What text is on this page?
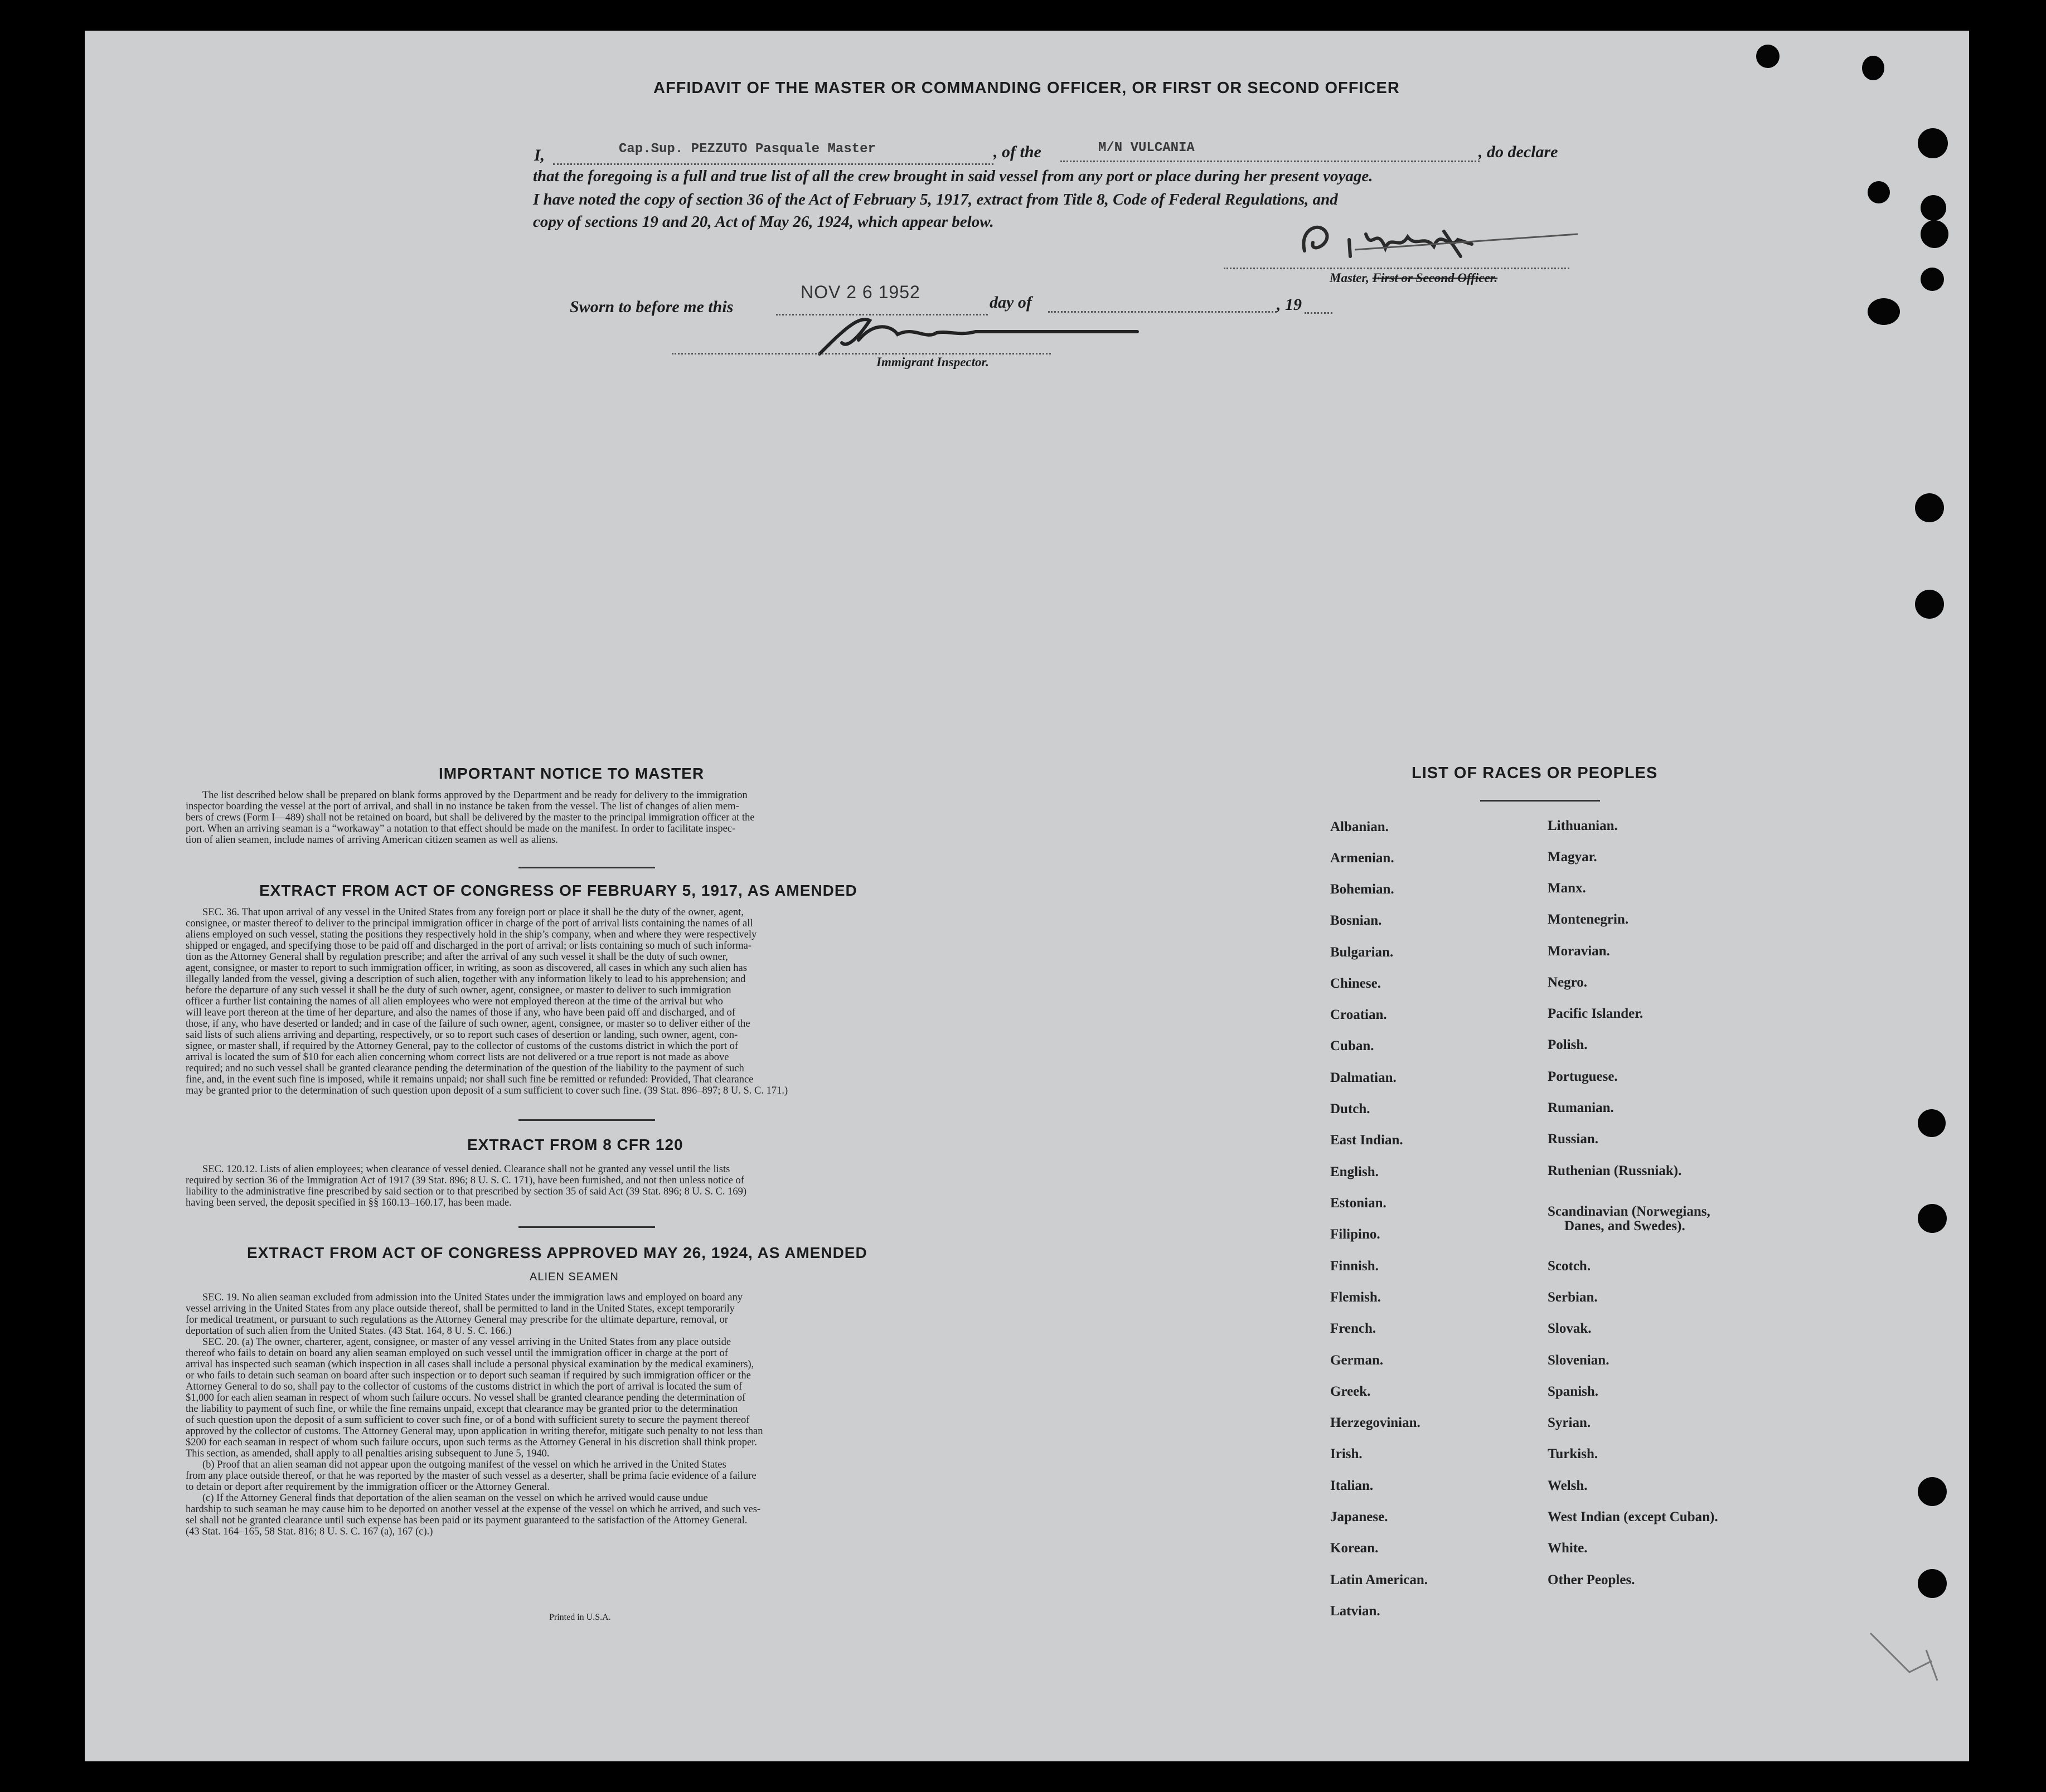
AFFIDAVIT OF THE MASTER OR COMMANDING OFFICER, OR FIRST OR SECOND OFFICER
I,	Cap.Sup. PEZZUTO Pasquale Master	, of the	M/N VULCANIA	, do declare
that the foregoing is a full and true list of all the crew brought in said vessel from any port or place during her present voyage.
I have noted the copy of section 36 of the Act of February 5, 1917, extract from Title 8, Code of Federal Regulations, and
copy of sections 19 and 20, Act of May 26, 1924, which appear below.
Master, First or Second Officer.
Sworn to before me this
NOV 2 6 1952
day of	, 19
Immigrant Inspector.
IMPORTANT NOTICE TO MASTER
The list described below shall be prepared on blank forms approved by the Department and be ready for delivery to the immigration
inspector boarding the vessel at the port of arrival, and shall in no instance be taken from the vessel. The list of changes of alien mem-
bers of crews (Form I—489) shall not be retained on board, but shall be delivered by the master to the principal immigration officer at the
port. When an arriving seaman is a “workaway” a notation to that effect should be made on the manifest. In order to facilitate inspec-
tion of alien seamen, include names of arriving American citizen seamen as well as aliens.
EXTRACT FROM ACT OF CONGRESS OF FEBRUARY 5, 1917, AS AMENDED
SEC. 36. That upon arrival of any vessel in the United States from any foreign port or place it shall be the duty of the owner, agent,
consignee, or master thereof to deliver to the principal immigration officer in charge of the port of arrival lists containing the names of all
aliens employed on such vessel, stating the positions they respectively hold in the ship’s company, when and where they were respectively
shipped or engaged, and specifying those to be paid off and discharged in the port of arrival; or lists containing so much of such informa-
tion as the Attorney General shall by regulation prescribe; and after the arrival of any such vessel it shall be the duty of such owner,
agent, consignee, or master to report to such immigration officer, in writing, as soon as discovered, all cases in which any such alien has
illegally landed from the vessel, giving a description of such alien, together with any information likely to lead to his apprehension; and
before the departure of any such vessel it shall be the duty of such owner, agent, consignee, or master to deliver to such immigration
officer a further list containing the names of all alien employees who were not employed thereon at the time of the arrival but who
will leave port thereon at the time of her departure, and also the names of those if any, who have been paid off and discharged, and of
those, if any, who have deserted or landed; and in case of the failure of such owner, agent, consignee, or master so to deliver either of the
said lists of such aliens arriving and departing, respectively, or so to report such cases of desertion or landing, such owner, agent, con-
signee, or master shall, if required by the Attorney General, pay to the collector of customs of the customs district in which the port of
arrival is located the sum of $10 for each alien concerning whom correct lists are not delivered or a true report is not made as above
required; and no such vessel shall be granted clearance pending the determination of the question of the liability to the payment of such
fine, and, in the event such fine is imposed, while it remains unpaid; nor shall such fine be remitted or refunded: Provided, That clearance
may be granted prior to the determination of such question upon deposit of a sum sufficient to cover such fine. (39 Stat. 896–897; 8 U. S. C. 171.)
EXTRACT FROM 8 CFR 120
SEC. 120.12. Lists of alien employees; when clearance of vessel denied. Clearance shall not be granted any vessel until the lists
required by section 36 of the Immigration Act of 1917 (39 Stat. 896; 8 U. S. C. 171), have been furnished, and not then unless notice of
liability to the administrative fine prescribed by said section or to that prescribed by section 35 of said Act (39 Stat. 896; 8 U. S. C. 169)
having been served, the deposit specified in §§ 160.13–160.17, has been made.
EXTRACT FROM ACT OF CONGRESS APPROVED MAY 26, 1924, AS AMENDED
ALIEN SEAMEN
SEC. 19. No alien seaman excluded from admission into the United States under the immigration laws and employed on board any
vessel arriving in the United States from any place outside thereof, shall be permitted to land in the United States, except temporarily
for medical treatment, or pursuant to such regulations as the Attorney General may prescribe for the ultimate departure, removal, or
deportation of such alien from the United States. (43 Stat. 164, 8 U. S. C. 166.)
SEC. 20. (a) The owner, charterer, agent, consignee, or master of any vessel arriving in the United States from any place outside
thereof who fails to detain on board any alien seaman employed on such vessel until the immigration officer in charge at the port of
arrival has inspected such seaman (which inspection in all cases shall include a personal physical examination by the medical examiners),
or who fails to detain such seaman on board after such inspection or to deport such seaman if required by such immigration officer or the
Attorney General to do so, shall pay to the collector of customs of the customs district in which the port of arrival is located the sum of
$1,000 for each alien seaman in respect of whom such failure occurs. No vessel shall be granted clearance pending the determination of
the liability to payment of such fine, or while the fine remains unpaid, except that clearance may be granted prior to the determination
of such question upon the deposit of a sum sufficient to cover such fine, or of a bond with sufficient surety to secure the payment thereof
approved by the collector of customs. The Attorney General may, upon application in writing therefor, mitigate such penalty to not less than
$200 for each seaman in respect of whom such failure occurs, upon such terms as the Attorney General in his discretion shall think proper.
This section, as amended, shall apply to all penalties arising subsequent to June 5, 1940.
(b) Proof that an alien seaman did not appear upon the outgoing manifest of the vessel on which he arrived in the United States
from any place outside thereof, or that he was reported by the master of such vessel as a deserter, shall be prima facie evidence of a failure
to detain or deport after requirement by the immigration officer or the Attorney General.
(c) If the Attorney General finds that deportation of the alien seaman on the vessel on which he arrived would cause undue
hardship to such seaman he may cause him to be deported on another vessel at the expense of the vessel on which he arrived, and such ves-
sel shall not be granted clearance until such expense has been paid or its payment guaranteed to the satisfaction of the Attorney General.
(43 Stat. 164–165, 58 Stat. 816; 8 U. S. C. 167 (a), 167 (c).)
Printed in U.S.A.
LIST OF RACES OR PEOPLES
Albanian.
Armenian.
Bohemian.
Bosnian.
Bulgarian.
Chinese.
Croatian.
Cuban.
Dalmatian.
Dutch.
East Indian.
English.
Estonian.
Filipino.
Finnish.
Flemish.
French.
German.
Greek.
Herzegovinian.
Irish.
Italian.
Japanese.
Korean.
Latin American.
Latvian.
Lithuanian.
Magyar.
Manx.
Montenegrin.
Moravian.
Negro.
Pacific Islander.
Polish.
Portuguese.
Rumanian.
Russian.
Ruthenian (Russniak).
Scandinavian (Norwegians,
Danes, and Swedes).
Scotch.
Serbian.
Slovak.
Slovenian.
Spanish.
Syrian.
Turkish.
Welsh.
West Indian (except Cuban).
White.
Other Peoples.
